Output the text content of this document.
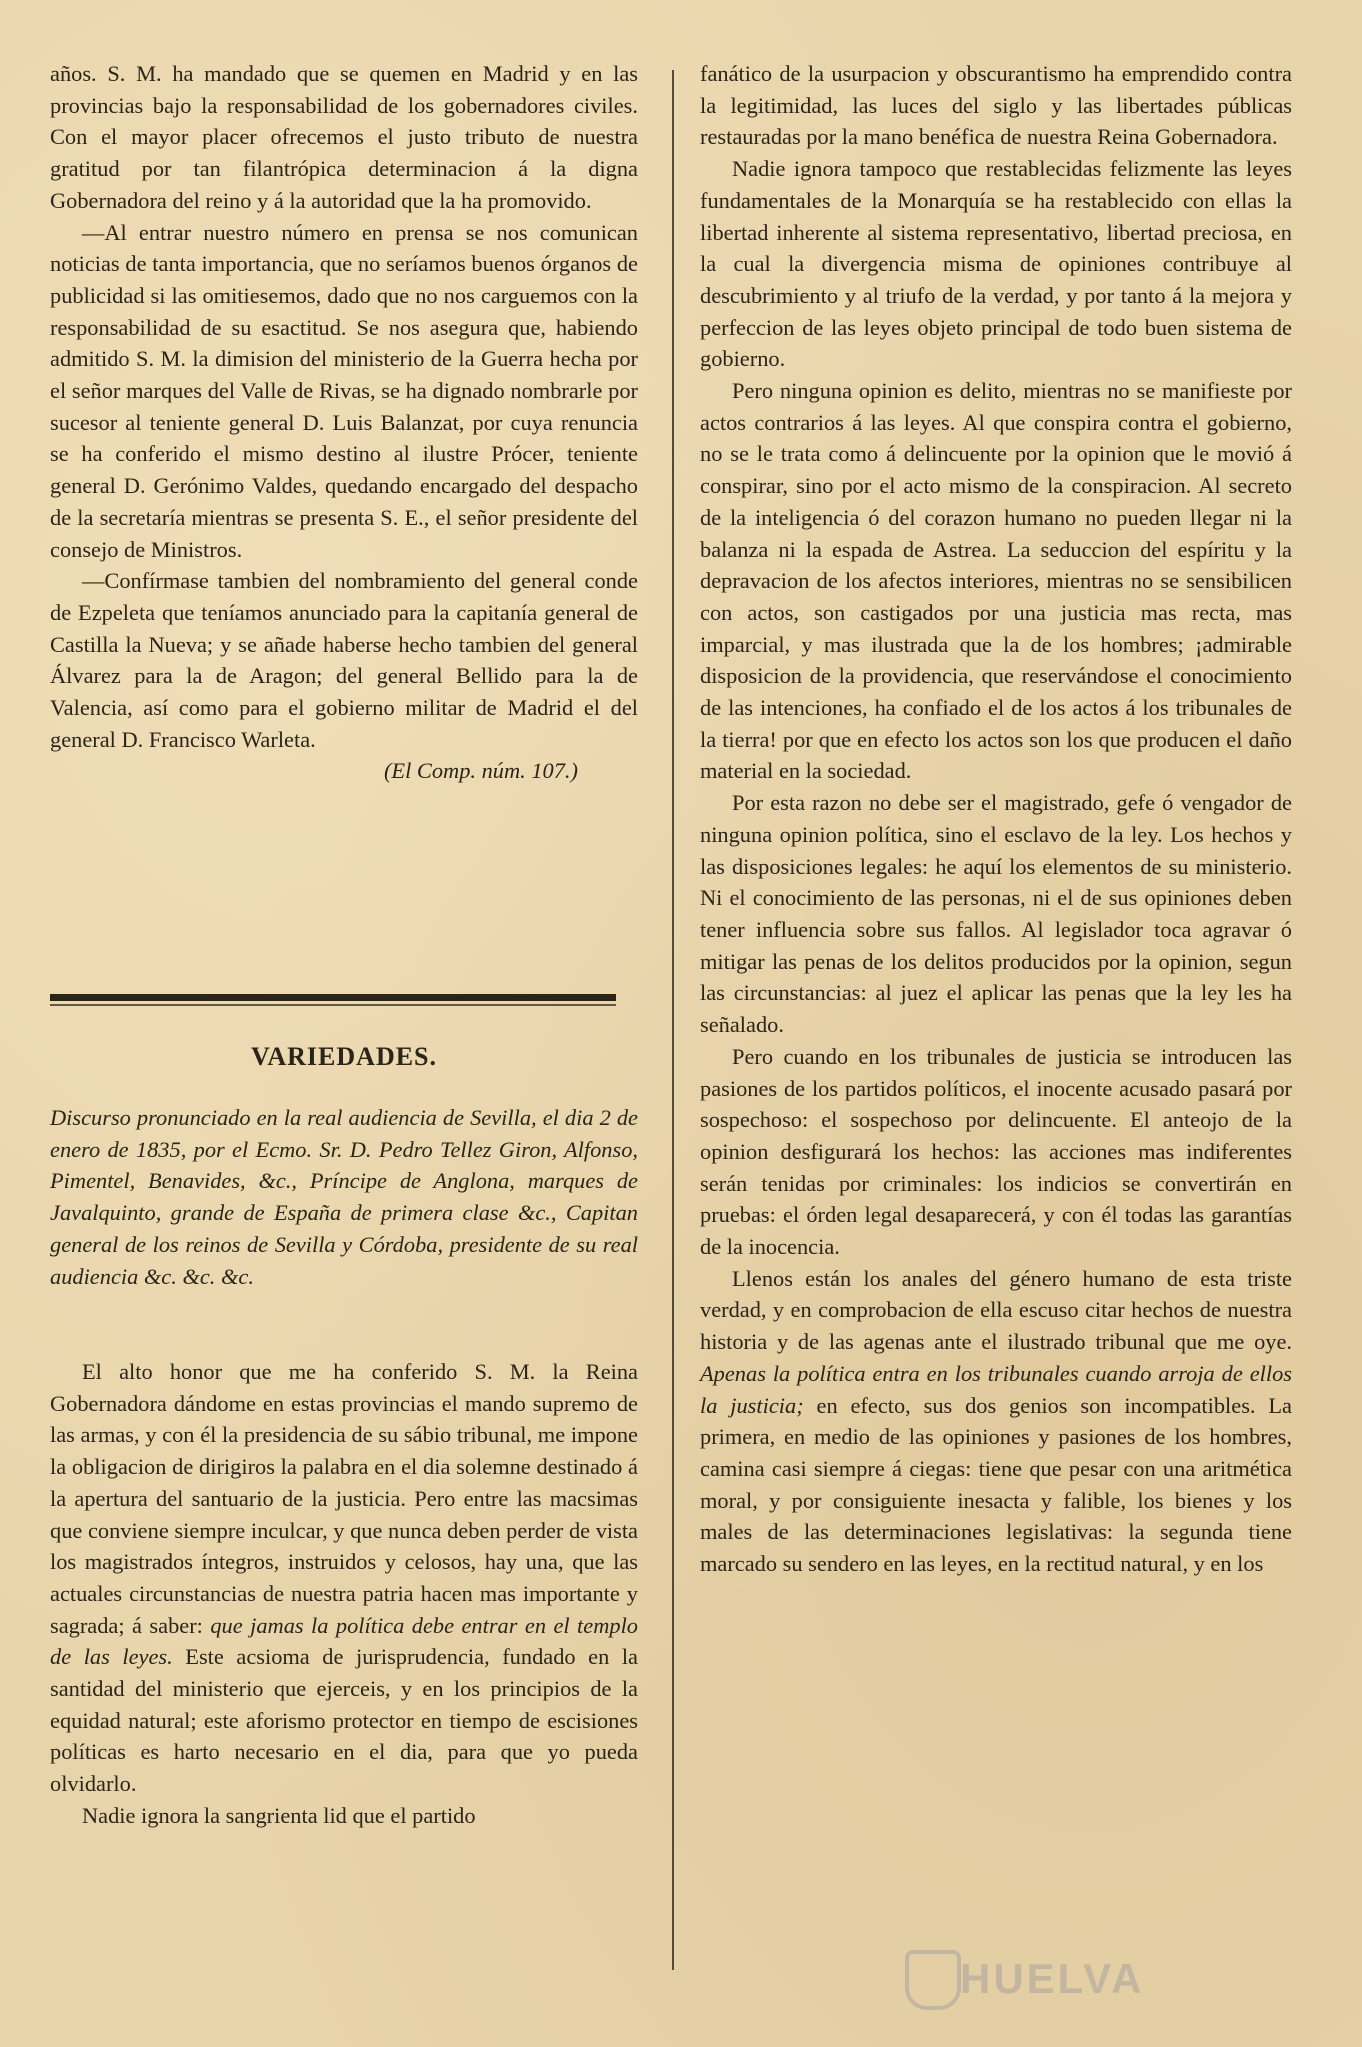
años. S. M. ha mandado que se quemen en Madrid y en las provincias bajo la responsabilidad de los gobernadores civiles. Con el mayor placer ofrecemos el justo tributo de nuestra gratitud por tan filantrópica determinacion á la digna Gobernadora del reino y á la autoridad que la ha promovido.

—Al entrar nuestro número en prensa se nos comunican noticias de tanta importancia, que no seríamos buenos órganos de publicidad si las omitiesemos, dado que no nos carguemos con la responsabilidad de su esactitud. Se nos asegura que, habiendo admitido S. M. la dimision del ministerio de la Guerra hecha por el señor marques del Valle de Rivas, se ha dignado nombrarle por sucesor al teniente general D. Luis Balanzat, por cuya renuncia se ha conferido el mismo destino al ilustre Prócer, teniente general D. Gerónimo Valdes, quedando encargado del despacho de la secretaría mientras se presenta S. E., el señor presidente del consejo de Ministros.

—Confírmase tambien del nombramiento del general conde de Ezpeleta que teníamos anunciado para la capitanía general de Castilla la Nueva; y se añade haberse hecho tambien del general Álvarez para la de Aragon; del general Bellido para la de Valencia, así como para el gobierno militar de Madrid el del general D. Francisco Warleta.

(El Comp. núm. 107.)

VARIEDADES.
Discurso pronunciado en la real audiencia de Sevilla, el dia 2 de enero de 1835, por el Ecmo. Sr. D. Pedro Tellez Giron, Alfonso, Pimentel, Benavides, &c., Príncipe de Anglona, marques de Javalquinto, grande de España de primera clase &c., Capitan general de los reinos de Sevilla y Córdoba, presidente de su real audiencia &c. &c. &c.

El alto honor que me ha conferido S. M. la Reina Gobernadora dándome en estas provincias el mando supremo de las armas, y con él la presidencia de su sábio tribunal, me impone la obligacion de dirigiros la palabra en el dia solemne destinado á la apertura del santuario de la justicia. Pero entre las macsimas que conviene siempre inculcar, y que nunca deben perder de vista los magistrados íntegros, instruidos y celosos, hay una, que las actuales circunstancias de nuestra patria hacen mas importante y sagrada; á saber: que jamas la política debe entrar en el templo de las leyes. Este acsioma de jurisprudencia, fundado en la santidad del ministerio que ejerceis, y en los principios de la equidad natural; este aforismo protector en tiempo de escisiones políticas es harto necesario en el dia, para que yo pueda olvidarlo.

Nadie ignora la sangrienta lid que el partido

fanático de la usurpacion y obscurantismo ha emprendido contra la legitimidad, las luces del siglo y las libertades públicas restauradas por la mano benéfica de nuestra Reina Gobernadora.

Nadie ignora tampoco que restablecidas felizmente las leyes fundamentales de la Monarquía se ha restablecido con ellas la libertad inherente al sistema representativo, libertad preciosa, en la cual la divergencia misma de opiniones contribuye al descubrimiento y al triufo de la verdad, y por tanto á la mejora y perfeccion de las leyes objeto principal de todo buen sistema de gobierno.

Pero ninguna opinion es delito, mientras no se manifieste por actos contrarios á las leyes. Al que conspira contra el gobierno, no se le trata como á delincuente por la opinion que le movió á conspirar, sino por el acto mismo de la conspiracion. Al secreto de la inteligencia ó del corazon humano no pueden llegar ni la balanza ni la espada de Astrea. La seduccion del espíritu y la depravacion de los afectos interiores, mientras no se sensibilicen con actos, son castigados por una justicia mas recta, mas imparcial, y mas ilustrada que la de los hombres; ¡admirable disposicion de la providencia, que reservándose el conocimiento de las intenciones, ha confiado el de los actos á los tribunales de la tierra! por que en efecto los actos son los que producen el daño material en la sociedad.

Por esta razon no debe ser el magistrado, gefe ó vengador de ninguna opinion política, sino el esclavo de la ley. Los hechos y las disposiciones legales: he aquí los elementos de su ministerio. Ni el conocimiento de las personas, ni el de sus opiniones deben tener influencia sobre sus fallos. Al legislador toca agravar ó mitigar las penas de los delitos producidos por la opinion, segun las circunstancias: al juez el aplicar las penas que la ley les ha señalado.

Pero cuando en los tribunales de justicia se introducen las pasiones de los partidos políticos, el inocente acusado pasará por sospechoso: el sospechoso por delincuente. El anteojo de la opinion desfigurará los hechos: las acciones mas indiferentes serán tenidas por criminales: los indicios se convertirán en pruebas: el órden legal desaparecerá, y con él todas las garantías de la inocencia.

Llenos están los anales del género humano de esta triste verdad, y en comprobacion de ella escuso citar hechos de nuestra historia y de las agenas ante el ilustrado tribunal que me oye. Apenas la política entra en los tribunales cuando arroja de ellos la justicia; en efecto, sus dos genios son incompatibles. La primera, en medio de las opiniones y pasiones de los hombres, camina casi siempre á ciegas: tiene que pesar con una aritmética moral, y por consiguiente inesacta y falible, los bienes y los males de las determinaciones legislativas: la segunda tiene marcado su sendero en las leyes, en la rectitud natural, y en los

HUELVA
